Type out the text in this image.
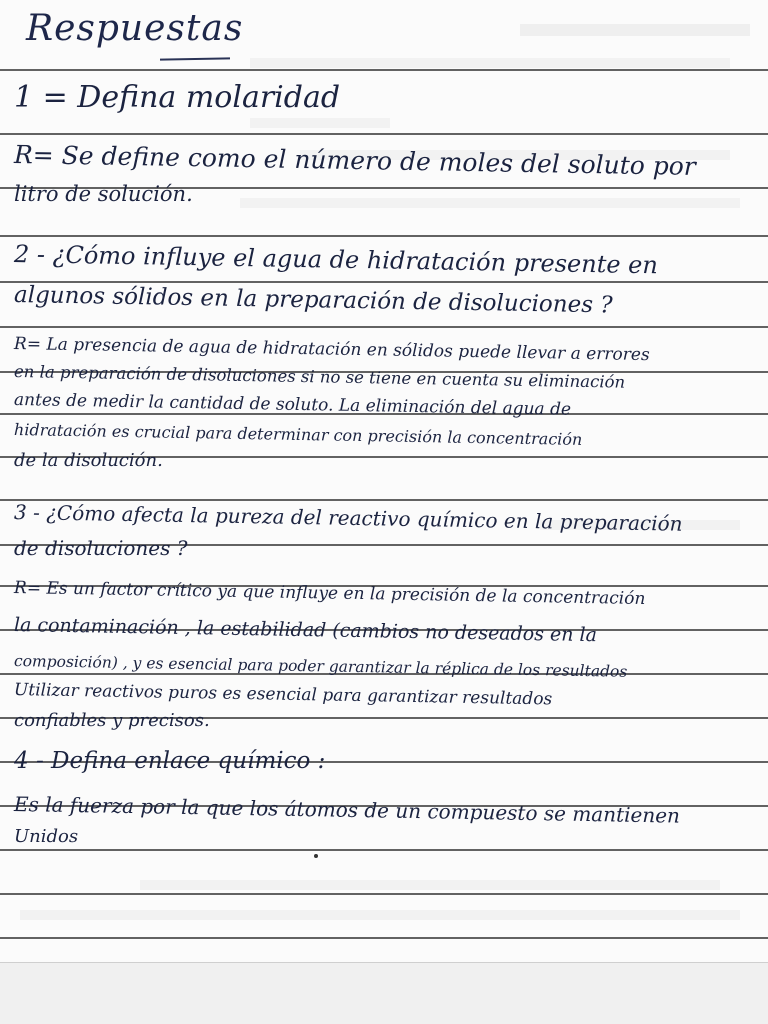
Respuestas
1 = Defina molaridad
R= Se define como el número de moles del soluto por
litro de solución.
2 - ¿Cómo influye el agua de hidratación presente en
algunos sólidos en la preparación de disoluciones ?
R= La presencia de agua de hidratación en sólidos puede llevar a errores
en la preparación de disoluciones si no se tiene en cuenta su eliminación
antes de medir la cantidad de soluto. La eliminación del agua de
hidratación es crucial para determinar con precisión la concentración
de la disolución.
3 - ¿Cómo afecta la pureza del reactivo químico en la preparación
de disoluciones ?
R= Es un factor crítico ya que influye en la precisión de la concentración
la contaminación , la estabilidad (cambios no deseados en la
composición) , y es esencial para poder garantizar la réplica de los resultados
Utilizar reactivos puros es esencial para garantizar resultados
confiables y precisos.
4 - Defina enlace químico :
Es la fuerza por la que los átomos de un compuesto se mantienen
Unidos
